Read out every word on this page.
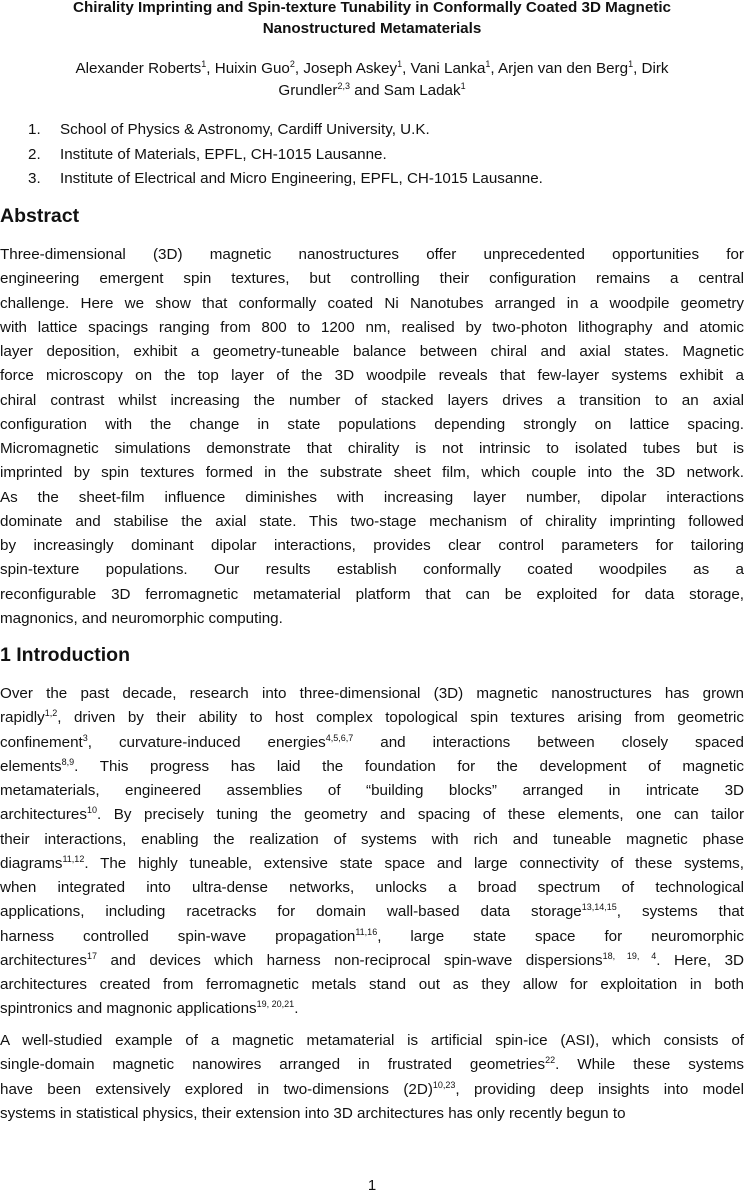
Chirality Imprinting and Spin-texture Tunability in Conformally Coated 3D Magnetic
Nanostructured Metamaterials

Alexander Roberts$^1$, Huixin Guo$^2$, Joseph Askey$^1$, Vani Lanka$^1$, Arjen van den Berg$^1$, Dirk
Grundler$^{2,3}$ and Sam Ladak$^1$

1. School of Physics & Astronomy, Cardiff University, U.K.
2. Institute of Materials, EPFL, CH-1015 Lausanne.
3. Institute of Electrical and Micro Engineering, EPFL, CH-1015 Lausanne.
Abstract

Three-dimensional (3D) magnetic nanostructures offer unprecedented opportunities for
engineering emergent spin textures, but controlling their configuration remains a central
challenge. Here we show that conformally coated Ni Nanotubes arranged in a woodpile geometry
with lattice spacings ranging from 800 to 1200 nm, realised by two-photon lithography and atomic
layer deposition, exhibit a geometry-tuneable balance between chiral and axial states. Magnetic
force microscopy on the top layer of the 3D woodpile reveals that few-layer systems exhibit a
chiral contrast whilst increasing the number of stacked layers drives a transition to an axial
configuration with the change in state populations depending strongly on lattice spacing.
Micromagnetic simulations demonstrate that chirality is not intrinsic to isolated tubes but is
imprinted by spin textures formed in the substrate sheet film, which couple into the 3D network.
As the sheet-film influence diminishes with increasing layer number, dipolar interactions
dominate and stabilise the axial state. This two-stage mechanism of chirality imprinting followed
by increasingly dominant dipolar interactions, provides clear control parameters for tailoring
spin-texture populations. Our results establish conformally coated woodpiles as a
reconfigurable 3D ferromagnetic metamaterial platform that can be exploited for data storage,
magnonics, and neuromorphic computing.

1 Introduction

Over the past decade, research into three-dimensional (3D) magnetic nanostructures has grown
rapidly$^{1,2}$, driven by their ability to host complex topological spin textures arising from geometric
confinement$^3$, curvature-induced energies$^{4,5,6,7}$ and interactions between closely spaced
elements$^{8,9}$. This progress has laid the foundation for the development of magnetic
metamaterials, engineered assemblies of “building blocks” arranged in intricate 3D
architectures$^{10}$. By precisely tuning the geometry and spacing of these elements, one can tailor
their interactions, enabling the realization of systems with rich and tuneable magnetic phase
diagrams$^{11,12}$. The highly tuneable, extensive state space and large connectivity of these systems,
when integrated into ultra-dense networks, unlocks a broad spectrum of technological
applications, including racetracks for domain wall-based data storage$^{13,14,15}$, systems that
harness controlled spin-wave propagation$^{11,16}$, large state space for neuromorphic
architectures$^{17}$ and devices which harness non-reciprocal spin-wave dispersions$^{18, 19, 4}$. Here, 3D
architectures created from ferromagnetic metals stand out as they allow for exploitation in both
spintronics and magnonic applications$^{19, 20,21}$.

A well-studied example of a magnetic metamaterial is artificial spin-ice (ASI), which consists of
single-domain magnetic nanowires arranged in frustrated geometries$^{22}$. While these systems
have been extensively explored in two-dimensions $(2D)^{10,23}$, providing deep insights into model
systems in statistical physics, their extension into 3D architectures has only recently begun to

1
